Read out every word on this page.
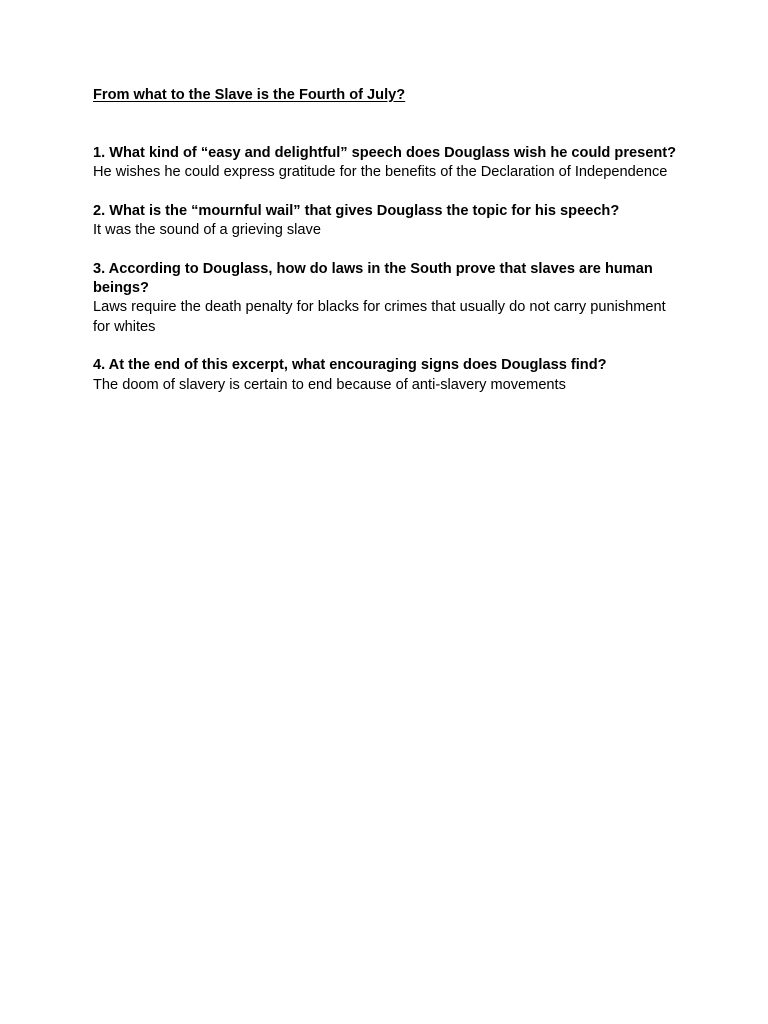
From what to the Slave is the Fourth of July?

1. What kind of “easy and delightful” speech does Douglass wish he could present?

He wishes he could express gratitude for the benefits of the Declaration of Independence

2. What is the “mournful wail” that gives Douglass the topic for his speech?

It was the sound of a grieving slave

3. According to Douglass, how do laws in the South prove that slaves are human beings?

Laws require the death penalty for blacks for crimes that usually do not carry punishment for whites

4. At the end of this excerpt, what encouraging signs does Douglass find?

The doom of slavery is certain to end because of anti-slavery movements
